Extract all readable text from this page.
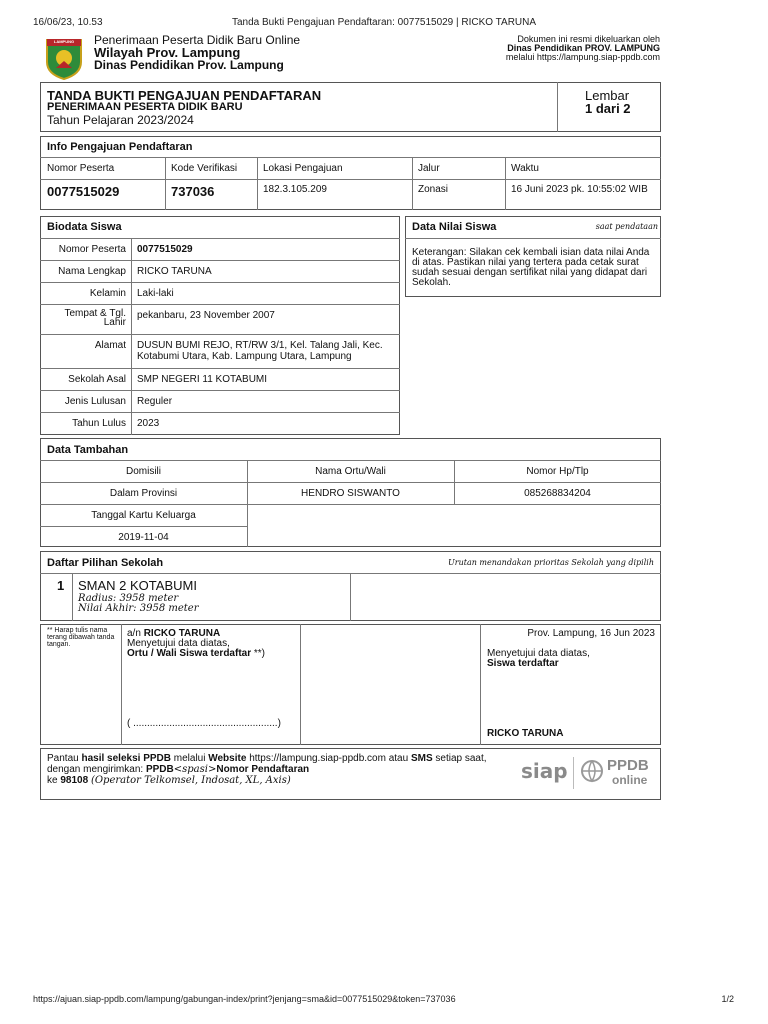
16/06/23, 10.53	Tanda Bukti Pengajuan Pendaftaran: 0077515029 | RICKO TARUNA
LAMPUNG	Penerimaan Peserta Didik Baru Online
Wilayah Prov. Lampung
Dinas Pendidikan Prov. Lampung
Dokumen ini resmi dikeluarkan oleh
Dinas Pendidikan PROV. LAMPUNG
melalui https://lampung.siap-ppdb.com
TANDA BUKTI PENGAJUAN PENDAFTARAN
PENERIMAAN PESERTA DIDIK BARU
Tahun Pelajaran 2023/2024
Lembar
1 dari 2
Info Pengajuan Pendaftaran
Nomor Peserta	Kode Verifikasi	Lokasi Pengajuan	Jalur	Waktu
0077515029	737036	182.3.105.209	Zonasi	16 Juni 2023 pk. 10:55:02 WIB
Biodata Siswa
Nomor Peserta 0077515029
Nama Lengkap RICKO TARUNA
Kelamin Laki-laki
Tempat & Tgl. Lahir
pekanbaru, 23 November 2007
Alamat DUSUN BUMI REJO, RT/RW 3/1, Kel. Talang Jali, Kec. Kotabumi Utara, Kab. Lampung Utara, Lampung
Sekolah Asal SMP NEGERI 11 KOTABUMI
Jenis Lulusan Reguler
Tahun Lulus 2023
Data Nilai Siswa	saat pendataan
Keterangan: Silakan cek kembali isian data nilai Anda di atas. Pastikan nilai yang tertera pada cetak surat sudah sesuai dengan sertifikat nilai yang didapat dari Sekolah.
Data Tambahan
Domisili	Nama Ortu/Wali	Nomor Hp/Tlp
Dalam Provinsi	HENDRO SISWANTO	085268834204
Tanggal Kartu Keluarga
2019-11-04
Daftar Pilihan Sekolah	Urutan menandakan prioritas Sekolah yang dipilih
1 SMAN 2 KOTABUMI
Radius: 3958 meter
Nilai Akhir: 3958 meter
** Harap tulis nama terang dibawah tanda tangan.
a/n RICKO TARUNA
Menyetujui data diatas,
Ortu / Wali Siswa terdaftar **)
( ....................................................)
Prov. Lampung, 16 Jun 2023
Menyetujui data diatas,
Siswa terdaftar
RICKO TARUNA
Pantau hasil seleksi PPDB melalui Website https://lampung.siap-ppdb.com atau SMS setiap saat,
dengan mengirimkan: PPDB<spasi>Nomor Pendaftaran
ke 98108 (Operator Telkomsel, Indosat, XL, Axis)	siap	PPDB
online
https://ajuan.siap-ppdb.com/lampung/gabungan-index/print?jenjang=sma&id=0077515029&token=737036	1/2
